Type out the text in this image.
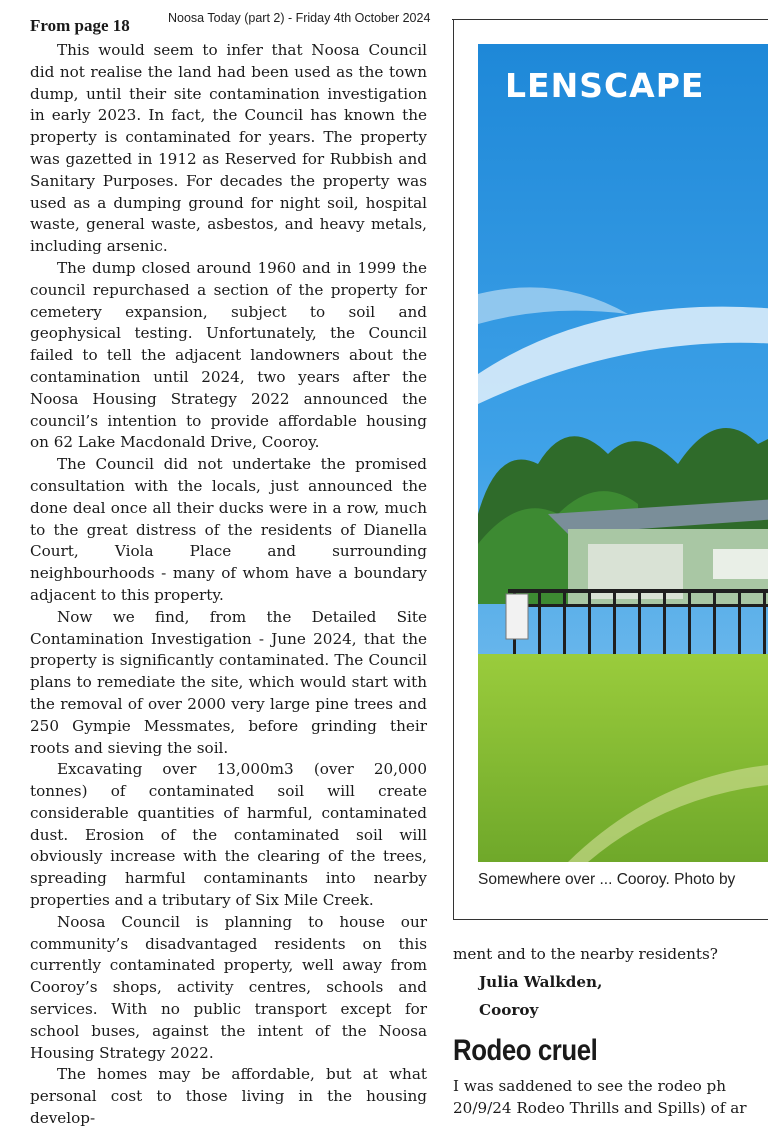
Noosa Today (part 2) - Friday 4th October 2024
From page 18

This would seem to infer that Noosa Council did not realise the land had been used as the town dump, until their site contamination investigation in early 2023. In fact, the Council has known the property is contaminated for years. The property was gazetted in 1912 as Reserved for Rubbish and Sanitary Purposes. For decades the property was used as a dumping ground for night soil, hospital waste, general waste, asbestos, and heavy metals, including arsenic.

The dump closed around 1960 and in 1999 the council repurchased a section of the property for cemetery expansion, subject to soil and geophysical testing. Unfortunately, the Council failed to tell the adjacent landowners about the contamination until 2024, two years after the Noosa Housing Strategy 2022 announced the council’s intention to provide affordable housing on 62 Lake Macdonald Drive, Cooroy.

The Council did not undertake the promised consultation with the locals, just announced the done deal once all their ducks were in a row, much to the great distress of the residents of Dianella Court, Viola Place and surrounding neighbourhoods - many of whom have a boundary adjacent to this property.

Now we find, from the Detailed Site Contamination Investigation - June 2024, that the property is significantly contaminated. The Council plans to remediate the site, which would start with the removal of over 2000 very large pine trees and 250 Gympie Messmates, before grinding their roots and sieving the soil.

Excavating over 13,000m3 (over 20,000 tonnes) of contaminated soil will create considerable quantities of harmful, contaminated dust. Erosion of the contaminated soil will obviously increase with the clearing of the trees, spreading harmful contaminants into nearby properties and a tributary of Six Mile Creek.

Noosa Council is planning to house our community’s disadvantaged residents on this currently contaminated property, well away from Cooroy’s shops, activity centres, schools and services. With no public transport except for school buses, against the intent of the Noosa Housing Strategy 2022.

The homes may be affordable, but at what personal cost to those living in the housing develop-

LENSCAPE
Somewhere over ... Cooroy. Photo by

ment and to the nearby residents?

Julia Walkden,

Cooroy

Rodeo cruel

I was saddened to see the rodeo ph

20/9/24 Rodeo Thrills and Spills) of ar
